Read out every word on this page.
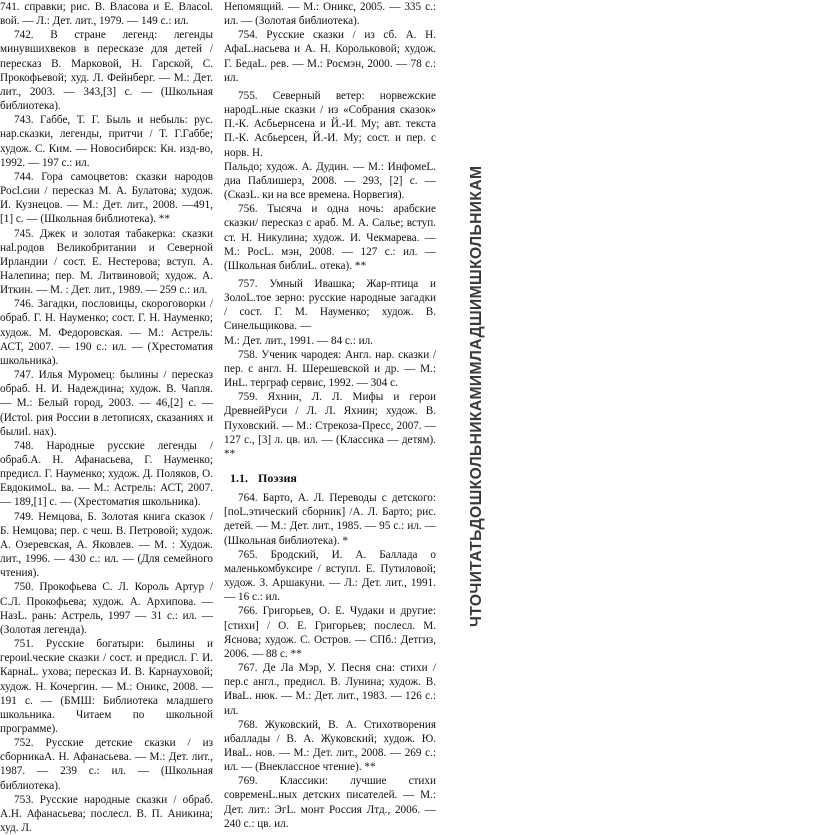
741. справки; рис. В. Власова и Е. Власоl. вой. — Л.: Дет. лит., 1979. — 149 с.: ил.

742. В стране легенд: легенды минувшихвеков в пересказе для детей / пересказ В. Марковой, Н. Гарской, С. Прокофьевой; худ. Л. Фейнберг. — М.: Дет. лит., 2003. — 343,[3] с. — (Школьная библиотека).

743. Габбе, Т. Г. Быль и небыль: рус. нар.сказки, легенды, притчи / Т. Г.Габбе; худож. С. Ким. — Новосибирск: Кн. изд-во, 1992. — 197 с.: ил.

744. Гора самоцветов: сказки народов Росl.сии / пересказ М. А. Булатова; худож. И. Кузнецов. — М.: Дет. лит., 2008. —491, [1] с. — (Школьная библиотека). **

745. Джек и золотая табакерка: сказки наl.родов Великобритании и Северной Ирландии / сост. Е. Нестерова; вступ. А. Налепина; пер. М. Литвиновой; худож. А. Иткин. — М. : Дет. лит., 1989. — 259 с.: ил.

746. Загадки, пословицы, скороговорки /обраб. Г. Н. Науменко; сост. Г. Н. Науменко; худож. М. Федоровская. — М.: Астрель: АСТ, 2007. — 190 с.: ил. — (Хрестоматия школьника).

747. Илья Муромец: былины / пересказ обраб. Н. И. Надеждина; худож. В. Чапля. — М.: Белый город, 2003. — 46,[2] с. — (Истоl. рия России в летописях, сказаниях и былиl. нах).

748. Народные русские легенды / обраб.А. Н. Афанасьева, Г. Науменко; предисл. Г. Науменко; худож. Д. Поляков, О. ЕвдокимоL. ва. — М.: Астрель: АСТ, 2007. — 189,[1] с. — (Хрестоматия школьника).

749. Немцова, Б. Золотая книга сказок / Б. Немцова; пер. с чеш. В. Петровой; худож. А. Озеревская, А. Яковлев. — М. : Худож. лит., 1996. — 430 с.: ил. — (Для семейного чтения).

750. Прокофьева С. Л. Король Артур / С.Л. Прокофьева; худож. А. Архипова. — НазL. рань: Астрель, 1997 — 31 с.: ил. — (Золотая легенда).

751. Русские богатыри: былины и героиl.ческие сказки / сост. и предисл. Г. И. КарнаL. ухова; пересказ И. В. Карнауховой; худож. Н. Кочергин. — М.: Оникс, 2008. — 191 с. — (БМШ: Библиотека младшего школьника. Читаем по школьной программе).

752. Русские детские сказки / из сборникаА. Н. Афанасьева. — М.: Дет. лит., 1987. — 239 с.: ил. — (Школьная библиотека).

753. Русские народные сказки / обраб. А.Н. Афанасьева; послесл. В. П. Аникина; худ. Л.

Непомящий. — М.: Оникс, 2005. — 335 с.: ил. — (Золотая библиотека).

754. Русские сказки / из сб. А. Н. АфаL.насьева и А. Н. Корольковой; худож. Г. БедаL. рев. — М.: Росмэн, 2000. — 78 с.: ил.

755. Северный ветер: норвежские народL.ные сказки / из «Собрания сказок» П.-К. Асбьернсена и Й.-И. Му; авт. текста П.-К. Асбьерсен, Й.-И. Му; сост. и пер. с норв. Н.

Пальдо; худож. А. Дудин. — М.: ИнфомеL. диа Паблишерз, 2008. — 293, [2] с. — (СказL. ки на все времена. Норвегия).

756. Тысяча и одна ночь: арабские сказки/ пересказ с араб. М. А. Салье; вступ. ст. Н. Никулина; худож. И. Чекмарева. — М.: РосL. мэн, 2008. — 127 с.: ил. — (Школьная библиL. отека). **

757. Умный Ивашка; Жар-птица и ЗолоL.тое зерно: русские народные загадки / сост. Г. М. Науменко; худож. В. Синельщикова. —

М.: Дет. лит., 1991. — 84 с.: ил.

758. Ученик чародея: Англ. нар. сказки /пер. с англ. Н. Шерешевской и др. — М.: ИнL. терграф сервис, 1992. — 304 с.

759. Яхнин, Л. Л. Мифы и герои ДревнейРуси / Л. Л. Яхнин; худож. В. Пуховский. — М.: Стрекоза-Пресс, 2007. — 127 с., [3] л. цв. ил. — (Классика — детям). **

1.1. Поэзия

764. Барто, А. Л. Переводы с детского: [поL.этический сборник] /А. Л. Барто; рис. детей. — М.: Дет. лит., 1985. — 95 с.: ил. — (Школьная библиотека). *

765. Бродский, И. А. Баллада о маленькомбуксире / вступл. Е. Путиловой; худож. З. Аршакуни. — Л.: Дет. лит., 1991. — 16 с.: ил.

766. Григорьев, О. Е. Чудаки и другие: [стихи] / О. Е. Григорьев; послесл. М. Яснова; худож. С. Остров. — СПб.: Детгиз, 2006. — 88 с. **

767. Де Ла Мэр, У. Песня сна: стихи / пер.с англ., предисл. В. Лунина; худож. В. ИваL. нюк. — М.: Дет. лит., 1983. — 126 с.: ил.

768. Жуковский, В. А. Стихотворения ибаллады / В. А. Жуковский; худож. Ю. ИваL. нов. — М.: Дет. лит., 2008. — 269 с.: ил. — (Внеклассное чтение). **

769. Классики: лучшие стихи современL.ных детских писателей. — М.: Дет. лит.: ЭгL. монт Россия Лтд., 2006. — 240 с.: цв. ил.

ЧТОЧИТАТЬДОШКОЛЬНИКАМИМЛАДШИМШКОЛЬНИКАМ
